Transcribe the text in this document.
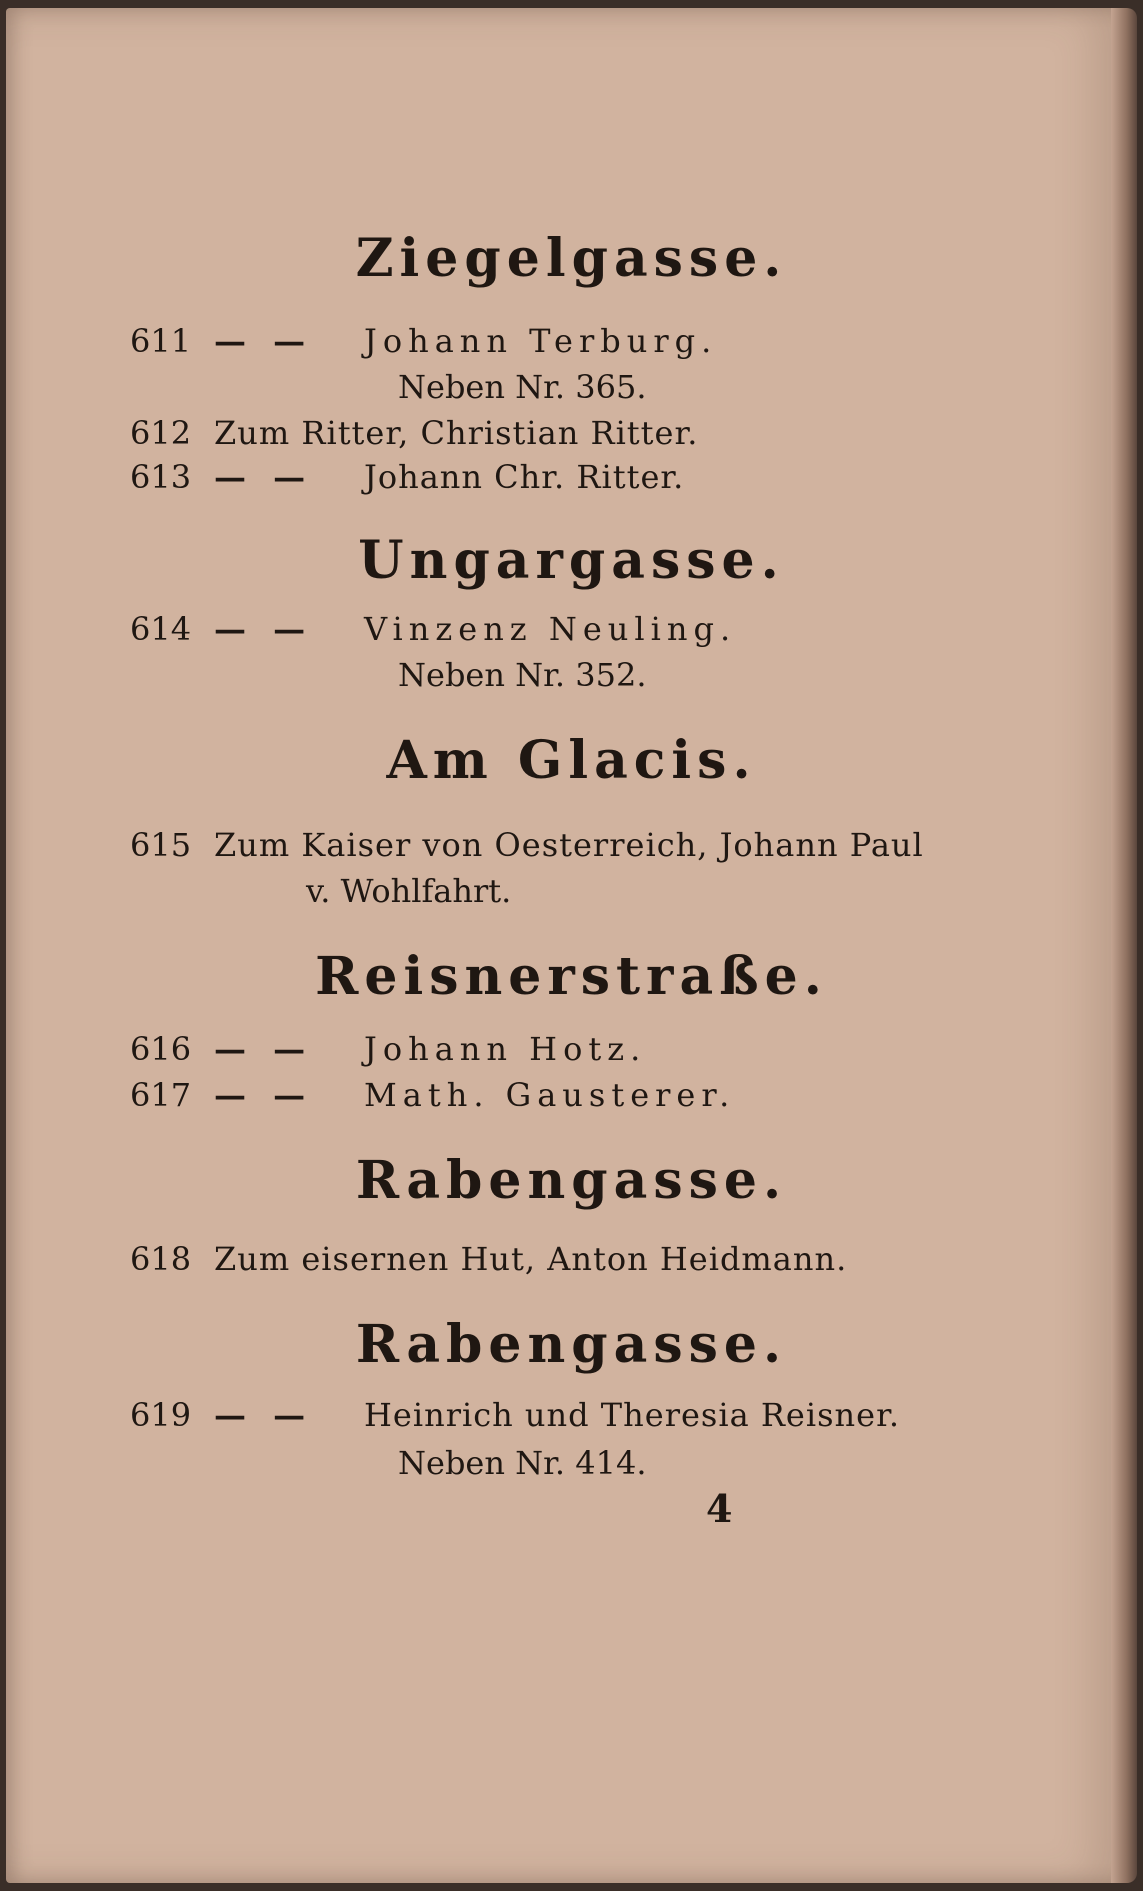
Ziegelgasse.
611 — — Johann Terburg.
Neben Nr. 365.
612 Zum Ritter, Christian Ritter.
613 — — Johann Chr. Ritter.
Ungargasse.
614 — — Vinzenz Neuling.
Neben Nr. 352.
Am Glacis.
615 Zum Kaiser von Oesterreich, Johann Paul
v. Wohlfahrt.
Reisnerstraße.
616 — — Johann Hotz.
617 — — Math. Gausterer.
Rabengasse.
618 Zum eisernen Hut, Anton Heidmann.
Rabengasse.
619 — — Heinrich und Theresia Reisner.
Neben Nr. 414.
4
